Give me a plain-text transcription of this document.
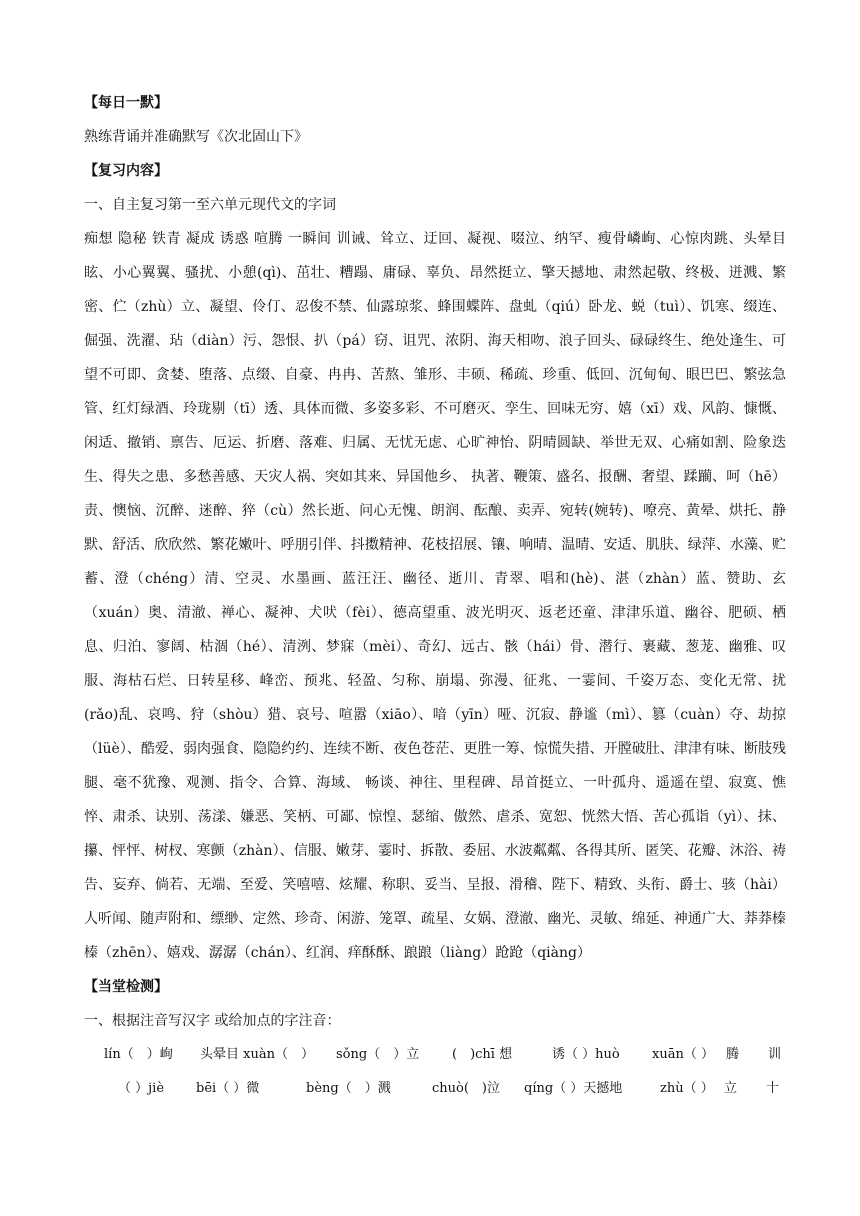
【每日一默】
熟练背诵并准确默写《次北固山下》
【复习内容】
一、自主复习第一至六单元现代文的字词
痴想 隐秘 铁青 凝成 诱惑 喧腾 一瞬间 训诫、耸立、迂回、凝视、啜泣、纳罕、瘦骨嶙峋、心惊肉跳、头晕目眩、小心翼翼、骚扰、小憩(qì)、茁壮、糟蹋、庸碌、辜负、昂然挺立、擎天撼地、肃然起敬、终极、迸溅、繁密、伫（zhù）立、凝望、伶仃、忍俊不禁、仙露琼浆、蜂围蝶阵、盘虬（qiú）卧龙、蜕（tuì）、饥寒、缀连、倔强、洗濯、玷（diàn）污、怨恨、扒（pá）窃、诅咒、浓阴、海天相吻、浪子回头、碌碌终生、绝处逢生、可望不可即、贪婪、堕落、点缀、自豪、冉冉、苦熬、雏形、丰硕、稀疏、珍重、低回、沉甸甸、眼巴巴、繁弦急管、红灯绿酒、玲珑剔（tī）透、具体而微、多姿多彩、不可磨灭、孪生、回味无穷、嬉（xī）戏、风韵、慷慨、闲适、撤销、禀告、厄运、折磨、落难、归属、无忧无虑、心旷神怡、阴晴圆缺、举世无双、心痛如割、险象迭生、得失之患、多愁善感、天灾人祸、突如其来、异国他乡、 执著、鞭策、盛名、报酬、奢望、蹂躏、呵（hē）责、懊恼、沉醉、迷醉、猝（cù）然长逝、问心无愧、朗润、酝酿、卖弄、宛转(婉转)、嘹亮、黄晕、烘托、静默、舒活、欣欣然、繁花嫩叶、呼朋引伴、抖擞精神、花枝招展、镶、响晴、温晴、安适、肌肤、绿萍、水藻、贮蓄、澄（chéng）清、空灵、水墨画、蓝汪汪、幽径、逝川、青翠、唱和(hè)、湛（zhàn）蓝、赞助、玄（xuán）奥、清澈、禅心、凝神、犬吠（fèi）、德高望重、波光明灭、返老还童、津津乐道、幽谷、肥硕、栖息、归泊、寥阔、枯涸（hé）、清洌、梦寐（mèi）、奇幻、远古、骸（hái）骨、潜行、裹藏、葱茏、幽雅、叹服、海枯石烂、日转星移、峰峦、预兆、轻盈、匀称、崩塌、弥漫、征兆、一霎间、千姿万态、变化无常、扰(rǎo)乱、哀鸣、狩（shòu）猎、哀号、喧嚣（xiāo）、喑（yīn）哑、沉寂、静谧（mì）、篡（cuàn）夺、劫掠（lüè）、酷爱、弱肉强食、隐隐约约、连续不断、夜色苍茫、更胜一筹、惊慌失措、开膛破肚、津津有味、断肢残腿、毫不犹豫、观测、指令、合算、海域、 畅谈、神往、里程碑、昂首挺立、一叶孤舟、遥遥在望、寂寞、憔悴、肃杀、诀别、荡漾、嫌恶、笑柄、可鄙、惊惶、瑟缩、傲然、虐杀、宽恕、恍然大悟、苦心孤诣（yì）、抹、攥、怦怦、树杈、寒颤（zhàn）、信服、嫩芽、霎时、拆散、委屈、水波粼粼、各得其所、匿笑、花瓣、沐浴、祷告、妄弃、倘若、无端、至爱、笑嘻嘻、炫耀、称职、妥当、呈报、滑稽、陛下、精致、头衔、爵士、骇（hài）人听闻、随声附和、缥缈、定然、珍奇、闲游、笼罩、疏星、女娲、澄澈、幽光、灵敏、绵延、神通广大、莽莽榛榛（zhēn）、嬉戏、潺潺（chán）、红润、痒酥酥、踉踉（liàng）跄跄（qiàng）
【当堂检测】
一、根据注音写汉字 或给加点的字注音：
lín（　）峋 头晕目 xuàn（　） sǒng（　）立	(　)chī 想	诱（ ）huò xuān（ ） 腾 训
（ ）jiè bēi（ ）微	bèng（　）溅	chuò(　)泣 qíng（ ）天撼地	zhù（ ） 立 十
